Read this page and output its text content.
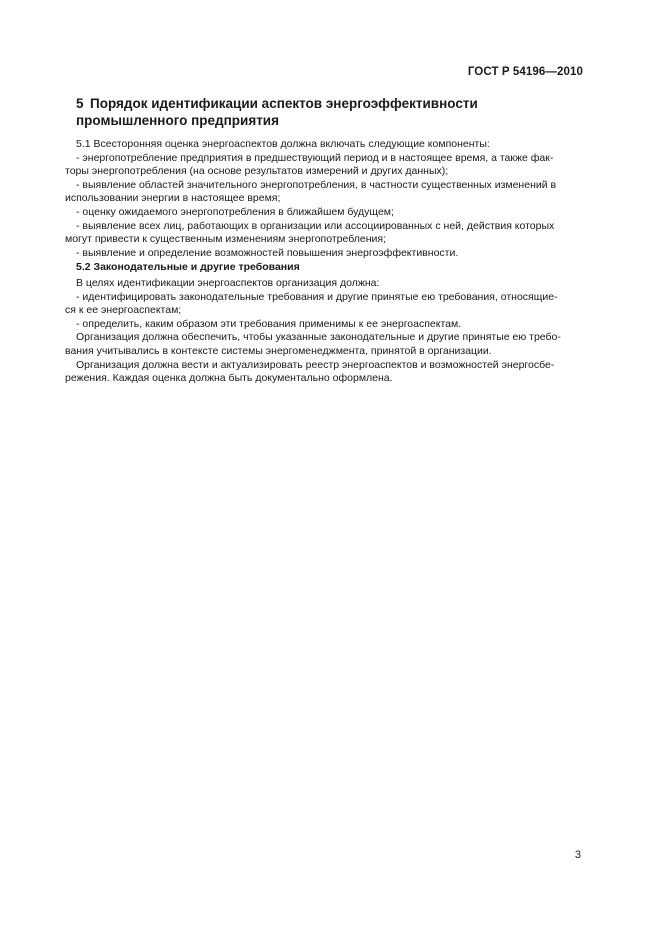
ГОСТ Р 54196—2010
5 Порядок идентификации аспектов энергоэффективности
промышленного предприятия
5.1 Всесторонняя оценка энергоаспектов должна включать следующие компоненты:
- энергопотребление предприятия в предшествующий период и в настоящее время, а также фак-
торы энергопотребления (на основе результатов измерений и других данных);
- выявление областей значительного энергопотребления, в частности существенных изменений в
использовании энергии в настоящее время;
- оценку ожидаемого энергопотребления в ближайшем будущем;
- выявление всех лиц, работающих в организации или ассоциированных с ней, действия которых
могут привести к существенным изменениям энергопотребления;
- выявление и определение возможностей повышения энергоэффективности.
5.2 Законодательные и другие требования
В целях идентификации энергоаспектов организация должна:
- идентифицировать законодательные требования и другие принятые ею требования, относящие-
ся к ее энергоаспектам;
- определить, каким образом эти требования применимы к ее энергоаспектам.
Организация должна обеспечить, чтобы указанные законодательные и другие принятые ею требо-
вания учитывались в контексте системы энергоменеджмента, принятой в организации.
Организация должна вести и актуализировать реестр энергоаспектов и возможностей энергосбе-
режения. Каждая оценка должна быть документально оформлена.
3
